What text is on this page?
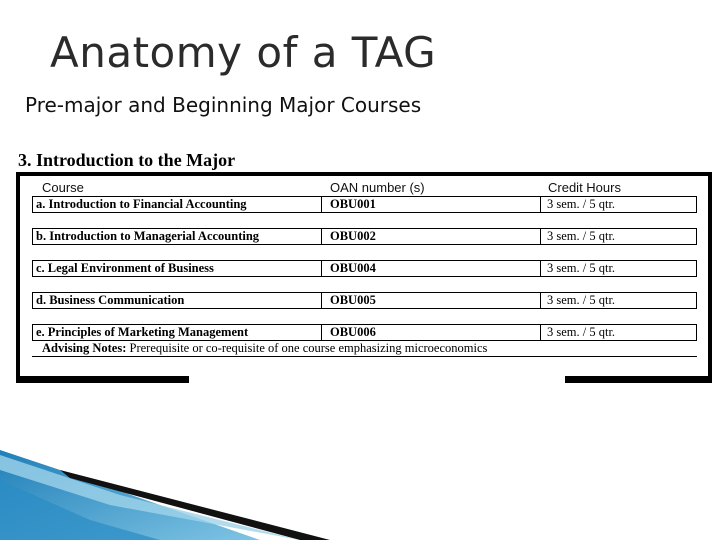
Anatomy of a TAG
Pre-major and Beginning Major Courses
3. Introduction to the Major
Course	OAN number (s)	Credit Hours
a. Introduction to Financial Accounting	OBU001	3 sem. / 5 qtr.
b. Introduction to Managerial Accounting	OBU002	3 sem. / 5 qtr.
c. Legal Environment of Business	OBU004	3 sem. / 5 qtr.
d. Business Communication	OBU005	3 sem. / 5 qtr.
e. Principles of Marketing Management	OBU006	3 sem. / 5 qtr.
Advising Notes: Prerequisite or co-requisite of one course emphasizing microeconomics
